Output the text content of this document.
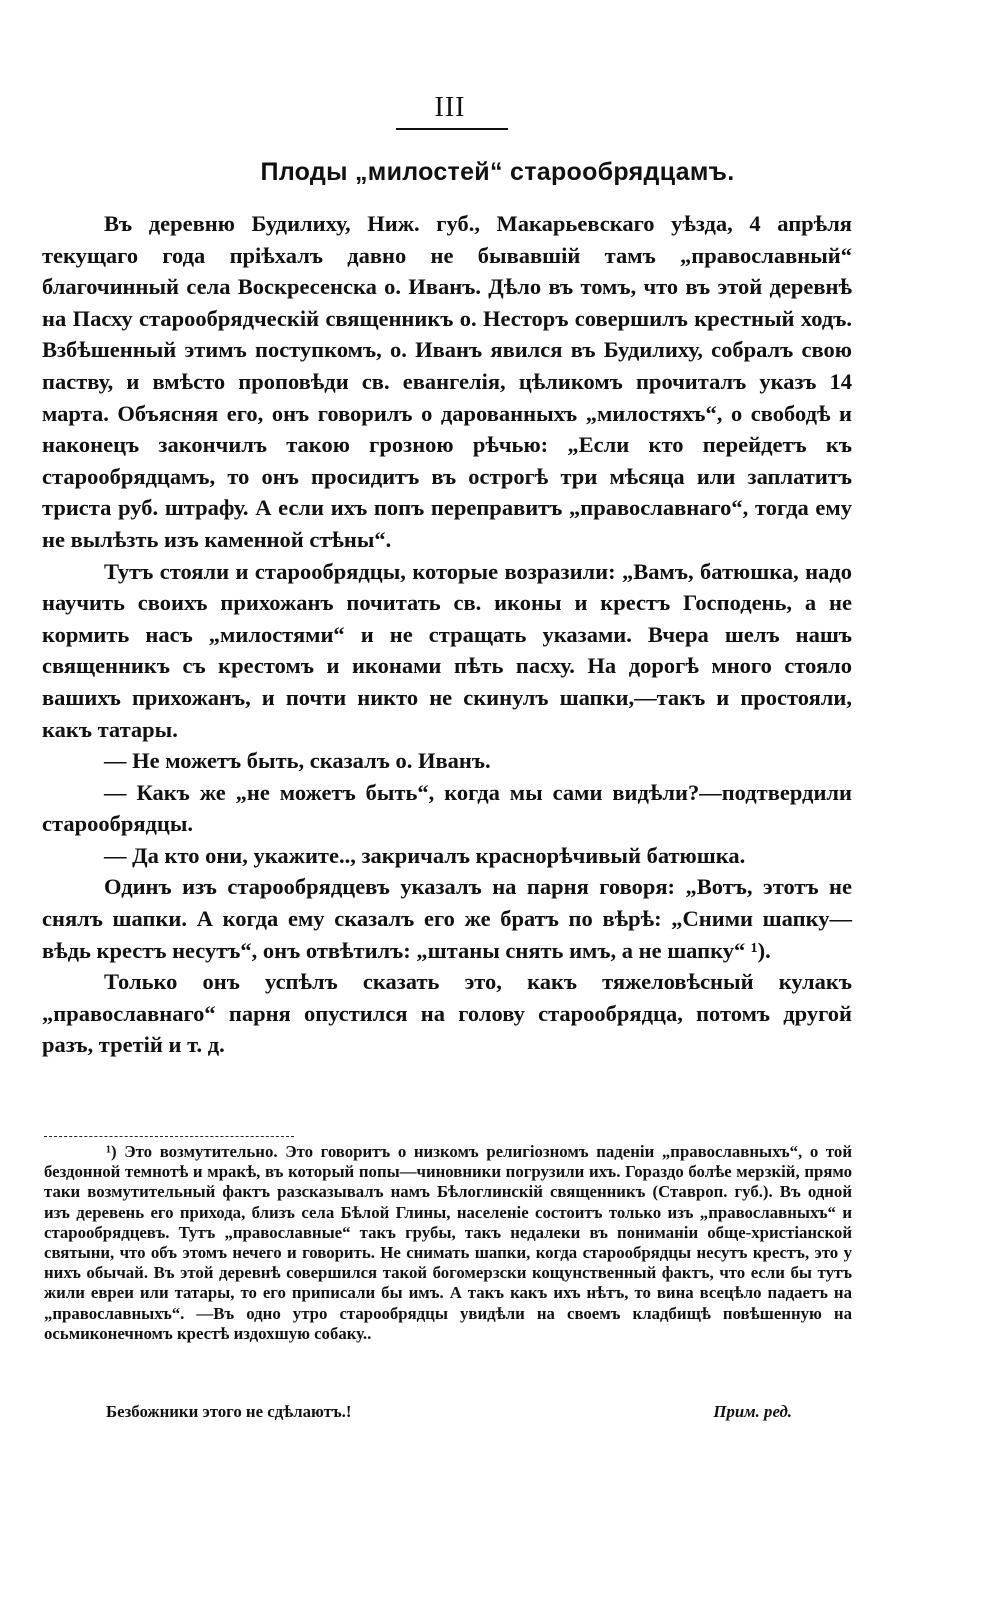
III
Плоды „милостей“ старообрядцамъ.

Въ деревню Будилиху, Ниж. губ., Макарьевскаго уѣзда, 4 апрѣля текущаго года пріѣхалъ давно не бывавшій тамъ „православный“ благочинный села Воскресенска о. Иванъ. Дѣло въ томъ, что въ этой деревнѣ на Пасху старообрядческій священникъ о. Несторъ совершилъ крестный ходъ. Взбѣшенный этимъ поступкомъ, о. Иванъ явился въ Будилиху, собралъ свою паству, и вмѣсто проповѣди св. евангелія, цѣликомъ прочиталъ указъ 14 марта. Объясняя его, онъ говорилъ о дарованныхъ „милостяхъ“, о свободѣ и наконецъ закончилъ такою грозною рѣчью: „Если кто перейдетъ къ старообрядцамъ, то онъ просидитъ въ острогѣ три мѣсяца или заплатитъ триста руб. штрафу. А если ихъ попъ переправитъ „православнаго“, тогда ему не вылѣзть изъ каменной стѣны“.

Тутъ стояли и старообрядцы, которые возразили: „Вамъ, батюшка, надо научить своихъ прихожанъ почитать св. иконы и крестъ Господень, а не кормить насъ „милостями“ и не стращать указами. Вчера шелъ нашъ священникъ съ крестомъ и иконами пѣть пасху. На дорогѣ много стояло вашихъ прихожанъ, и почти никто не скинулъ шапки,—такъ и простояли, какъ татары.

— Не можетъ быть, сказалъ о. Иванъ.

— Какъ же „не можетъ быть“, когда мы сами видѣли?—подтвердили старообрядцы.

— Да кто они, укажите.., закричалъ краснорѣчивый батюшка.

Одинъ изъ старообрядцевъ указалъ на парня говоря: „Вотъ, этотъ не снялъ шапки. А когда ему сказалъ его же братъ по вѣрѣ: „Сними шапку—вѣдь крестъ несутъ“, онъ отвѣтилъ: „штаны снять имъ, а не шапку“ ¹).

Только онъ успѣлъ сказать это, какъ тяжеловѣсный кулакъ „православнаго“ парня опустился на голову старообрядца, потомъ другой разъ, третій и т. д.

¹) Это возмутительно. Это говоритъ о низкомъ религіозномъ паденіи „православныхъ“, о той бездонной темнотѣ и мракѣ, въ который попы—чиновники погрузили ихъ. Гораздо болѣе мерзкій, прямо таки возмутительный фактъ разсказывалъ намъ Бѣлоглинскій священникъ (Ставроп. губ.). Въ одной изъ деревень его прихода, близъ села Бѣлой Глины, населеніе состоитъ только изъ „православныхъ“ и старообрядцевъ. Тутъ „православные“ такъ грубы, такъ недалеки въ пониманіи обще-христіанской святыни, что объ этомъ нечего и говорить. Не снимать шапки, когда старообрядцы несутъ крестъ, это у нихъ обычай. Въ этой деревнѣ совершился такой богомерзски кощунственный фактъ, что если бы тутъ жили евреи или татары, то его приписали бы имъ. А такъ какъ ихъ нѣтъ, то вина всецѣло падаетъ на „православныхъ“. —Въ одно утро старообрядцы увидѣли на своемъ кладбищѣ повѣшенную на осьмиконечномъ крестѣ издохшую собаку..

Безбожники этого не сдѣлаютъ.!	Прим. ред.
